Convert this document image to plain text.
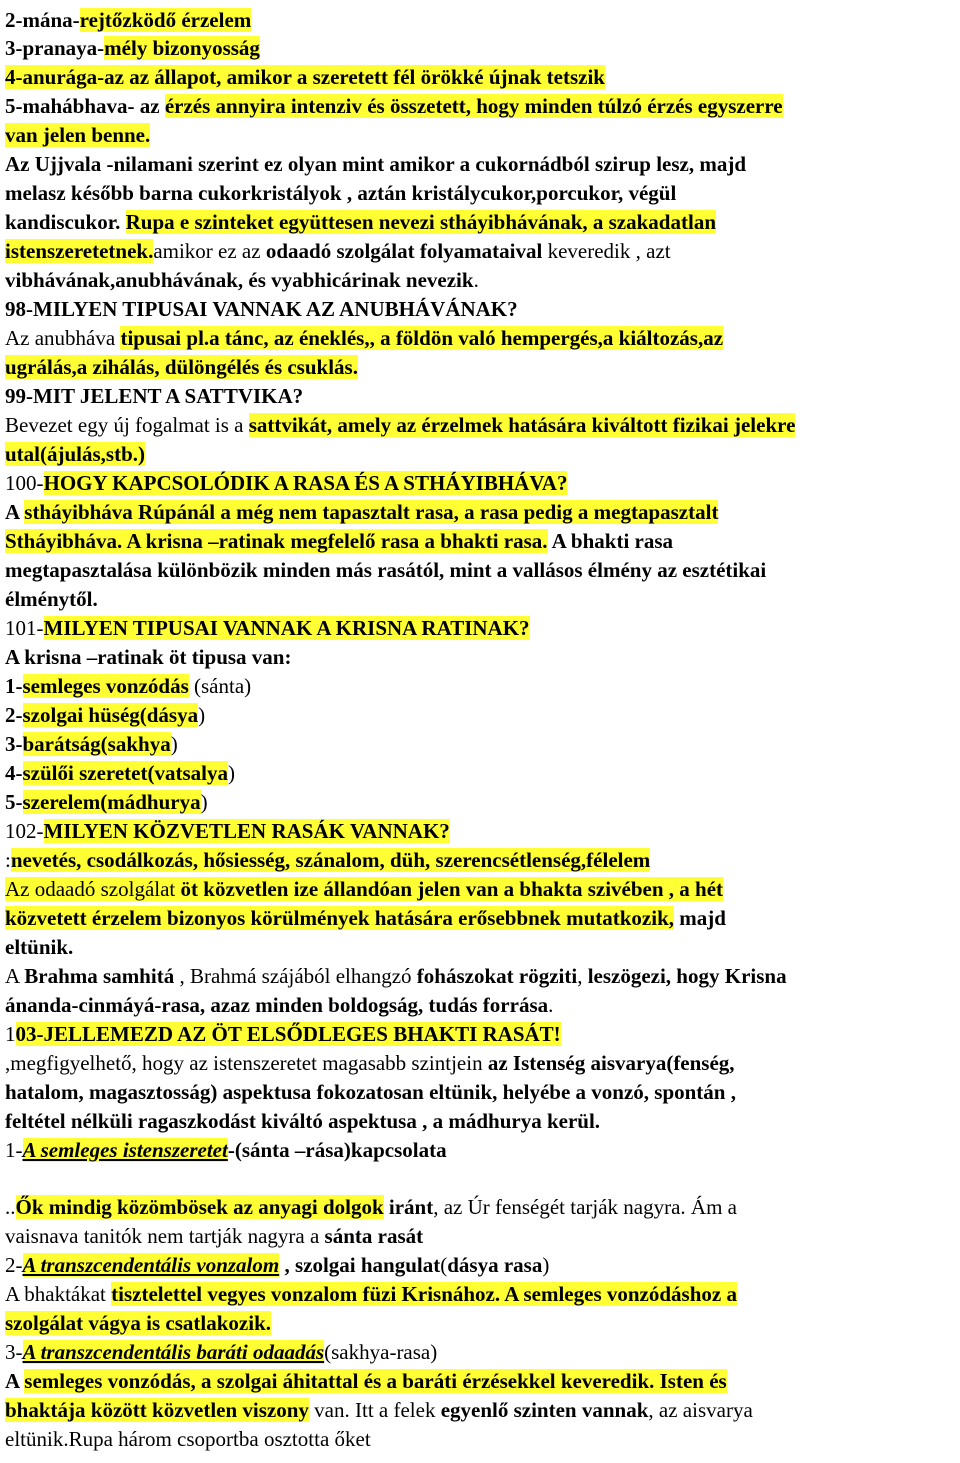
2-mána-rejtőzködő érzelem
3-pranaya-mély bizonyosság
4-anurága-az az állapot, amikor a szeretett fél örökké újnak tetszik
5-mahábhava- az érzés annyira intenziv és összetett, hogy minden túlzó érzés egyszerre
van jelen benne.
Az Ujjvala -nilamani szerint ez olyan mint amikor a cukornádból szirup lesz, majd
melasz később barna cukorkristályok , aztán kristálycukor,porcukor, végül
kandiscukor. Rupa e szinteket együttesen nevezi stháyibhávának, a szakadatlan
istenszeretetnek.amikor ez az odaadó szolgálat folyamataival keveredik , azt
vibhávának,anubhávának, és vyabhicárinak nevezik.
98-MILYEN TIPUSAI VANNAK AZ ANUBHÁVÁNAK?
Az anubháva tipusai pl.a tánc, az éneklés,, a földön való hempergés,a kiáltozás,az
ugrálás,a zihálás, dülöngélés és csuklás.
99-MIT JELENT A SATTVIKA?
Bevezet egy új fogalmat is a sattvikát, amely az érzelmek hatására kiváltott fizikai jelekre
utal(ájulás,stb.)
100-HOGY KAPCSOLÓDIK A RASA ÉS A STHÁYIBHÁVA?
A stháyibháva Rúpánál a még nem tapasztalt rasa, a rasa pedig a megtapasztalt
Stháyibháva. A krisna –ratinak megfelelő rasa a bhakti rasa. A bhakti rasa
megtapasztalása különbözik minden más rasától, mint a vallásos élmény az esztétikai
élménytől.
101-MILYEN TIPUSAI VANNAK A KRISNA RATINAK?
A krisna –ratinak öt tipusa van:
1-semleges vonzódás (sánta)
2-szolgai hüség(dásya)
3-barátság(sakhya)
4-szülői szeretet(vatsalya)
5-szerelem(mádhurya)
102-MILYEN KÖZVETLEN RASÁK VANNAK?
:nevetés, csodálkozás, hősiesség, szánalom, düh, szerencsétlenség,félelem
Az odaadó szolgálat öt közvetlen ize állandóan jelen van a bhakta szivében , a hét
közvetett érzelem bizonyos körülmények hatására erősebbnek mutatkozik, majd
eltünik.
A Brahma samhitá , Brahmá szájából elhangzó fohászokat rögziti, leszögezi, hogy Krisna
ánanda-cinmáyá-rasa, azaz minden boldogság, tudás forrása.
103-JELLEMEZD AZ ÖT ELSŐDLEGES BHAKTI RASÁT!
,megfigyelhető, hogy az istenszeretet magasabb szintjein az Istenség aisvarya(fenség,
hatalom, magasztosság) aspektusa fokozatosan eltünik, helyébe a vonzó, spontán ,
feltétel nélküli ragaszkodást kiváltó aspektusa , a mádhurya kerül.
1-A semleges istenszeretet-(sánta –rása)kapcsolata
..Ők mindig közömbösek az anyagi dolgok iránt, az Úr fenségét tarják nagyra. Ám a
vaisnava tanitók nem tartják nagyra a sánta rasát
2-A transzcendentális vonzalom , szolgai hangulat(dásya rasa)
A bhaktákat tisztelettel vegyes vonzalom füzi Krisnához. A semleges vonzódáshoz a
szolgálat vágya is csatlakozik.
3-A transzcendentális baráti odaadás(sakhya-rasa)
A semleges vonzódás, a szolgai áhitattal és a baráti érzésekkel keveredik. Isten és
bhaktája között közvetlen viszony van. Itt a felek egyenlő szinten vannak, az aisvarya
eltünik.Rupa három csoportba osztotta őket
